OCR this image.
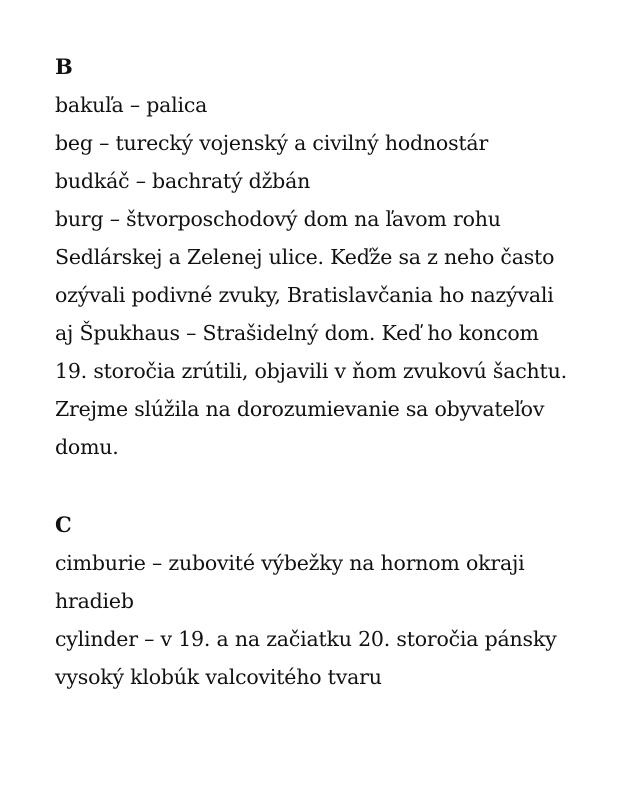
B

bakuľa – palica

beg – turecký vojenský a civilný hodnostár

budkáč – bachratý džbán

burg – štvorposchodový dom na ľavom rohu
Sedlárskej a Zelenej ulice. Keďže sa z neho často
ozývali podivné zvuky, Bratislavčania ho nazývali
aj Špukhaus – Strašidelný dom. Keď ho koncom
19. storočia zrútili, objavili v ňom zvukovú šachtu.
Zrejme slúžila na dorozumievanie sa obyvateľov
domu.

C

cimburie – zubovité výbežky na hornom okraji
hradieb

cylinder – v 19. a na začiatku 20. storočia pánsky
vysoký klobúk valcovitého tvaru
